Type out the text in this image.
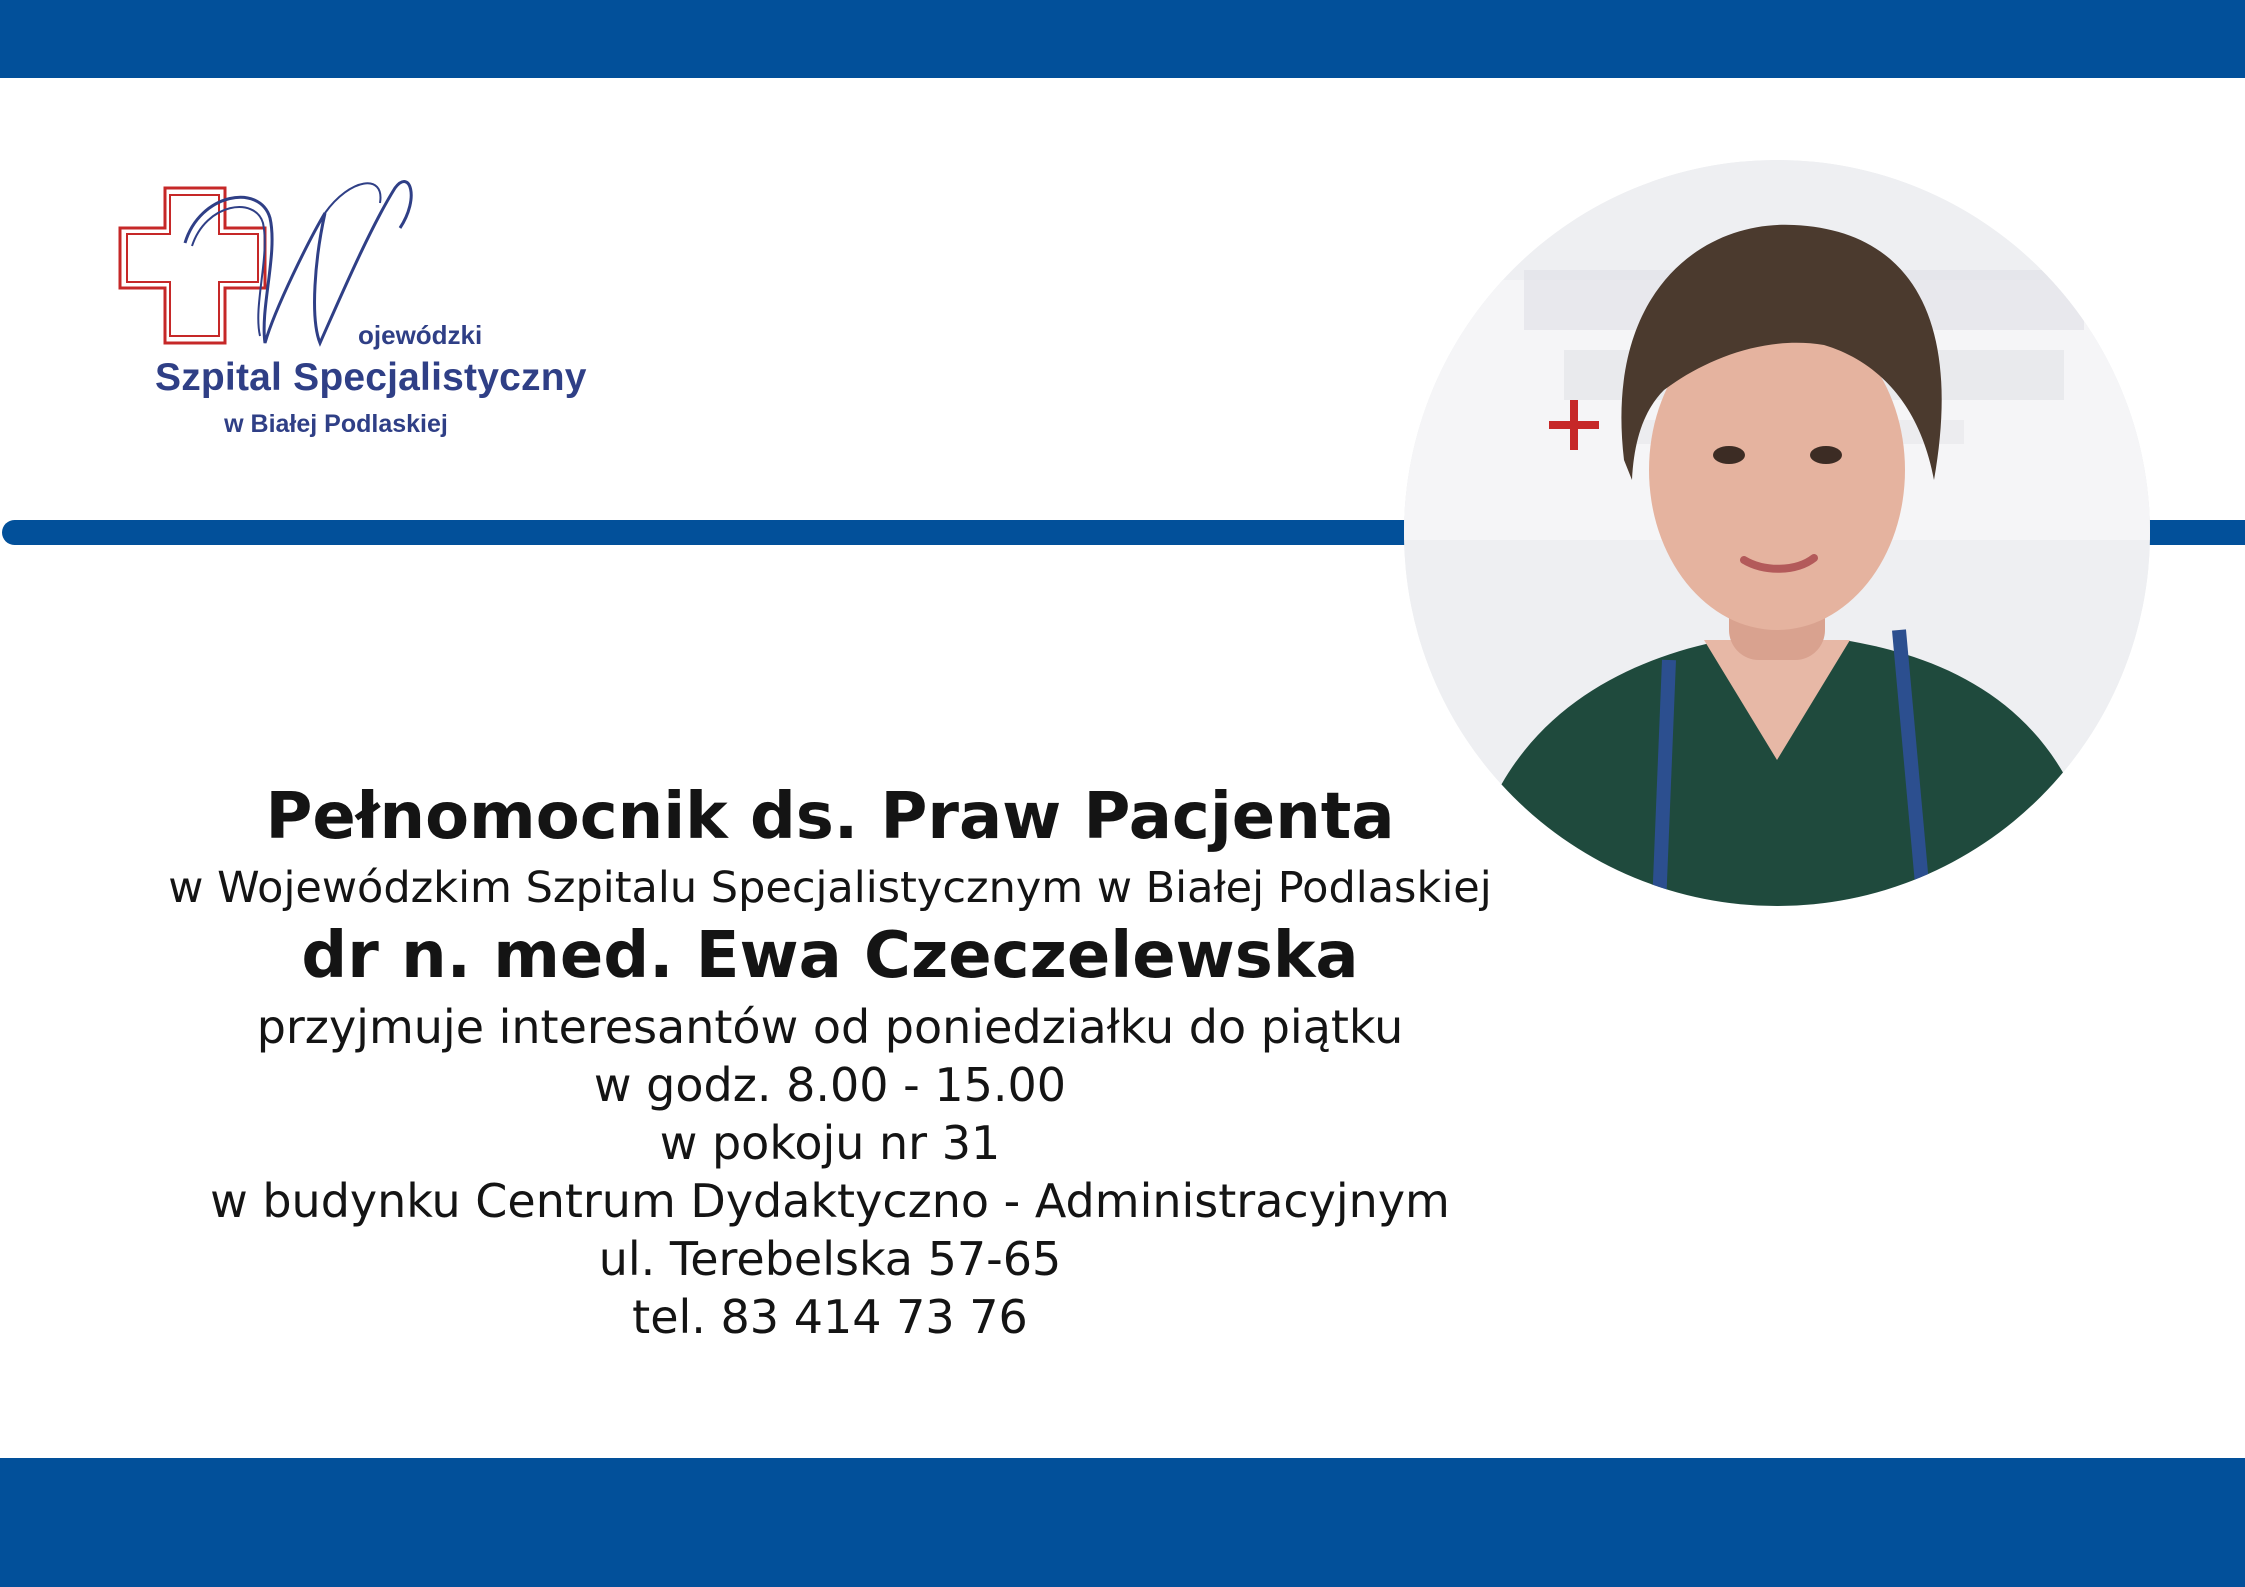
ojewódzki

Szpital Specjalistyczny

w Białej Podlaskiej

Pełnomocnik ds. Praw Pacjenta

w Wojewódzkim Szpitalu Specjalistycznym w Białej Podlaskiej

dr n. med. Ewa Czeczelewska

przyjmuje interesantów od poniedziałku do piątku

w godz. 8.00 - 15.00

w pokoju nr 31

w budynku Centrum Dydaktyczno - Administracyjnym

ul. Terebelska 57-65

tel. 83 414 73 76
